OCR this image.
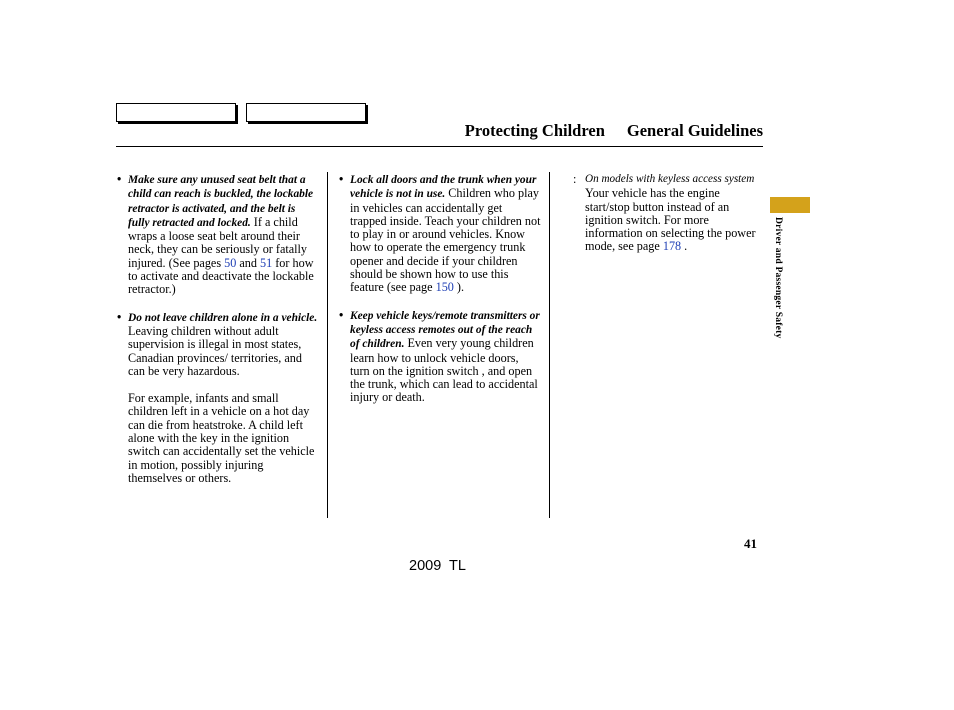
Protecting Children General Guidelines

• Make sure any unused seat belt that a child can reach is buckled, the lockable retractor is activated, and the belt is fully retracted and locked. If a child wraps a loose seat belt around their neck, they can be seriously or fatally injured. (See pages 50 and 51 for how to activate and deactivate the lockable retractor.)

• Do not leave children alone in a vehicle. Leaving children without adult supervision is illegal in most states, Canadian provinces/ territories, and can be very hazardous.

For example, infants and small children left in a vehicle on a hot day can die from heatstroke. A child left alone with the key in the ignition switch can accidentally set the vehicle in motion, possibly injuring themselves or others.

• Lock all doors and the trunk when your vehicle is not in use. Children who play in vehicles can accidentally get trapped inside. Teach your children not to play in or around vehicles. Know how to operate the emergency trunk opener and decide if your children should be shown how to use this feature (see page 150 ).

• Keep vehicle keys/remote transmitters or keyless access remotes out of the reach of children. Even very young children learn how to unlock vehicle doors, turn on the ignition switch , and open the trunk, which can lead to accidental injury or death.

: On models with keyless access system
Your vehicle has the engine start/stop button instead of an ignition switch. For more information on selecting the power mode, see page 178 .	Driver and Passenger Safety
41
2009  TL
